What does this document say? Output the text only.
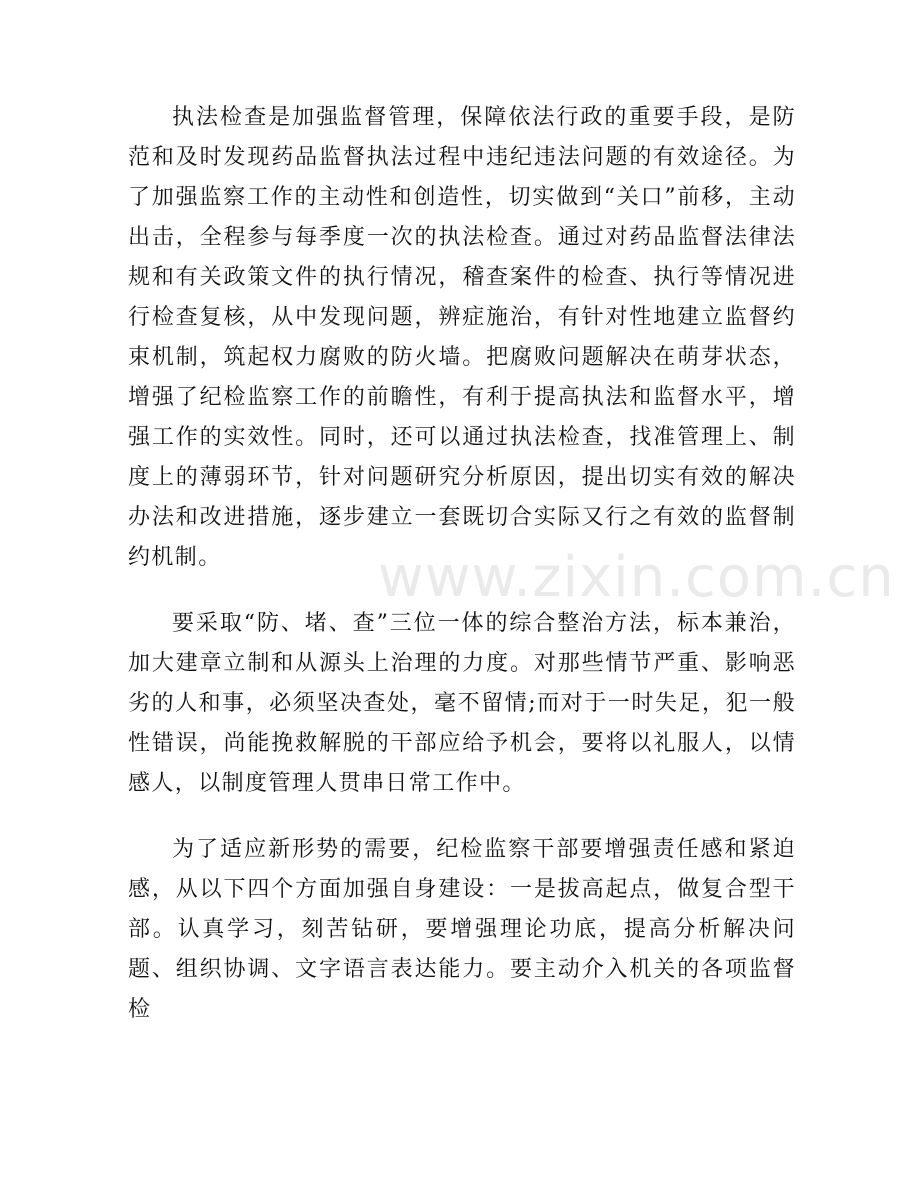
执法检查是加强监督管理，保障依法行政的重要手段，是防范和及时发现药品监督执法过程中违纪违法问题的有效途径。为了加强监察工作的主动性和创造性，切实做到“关口”前移，主动出击，全程参与每季度一次的执法检查。通过对药品监督法律法规和有关政策文件的执行情况，稽查案件的检查、执行等情况进行检查复核，从中发现问题，辨症施治，有针对性地建立监督约束机制，筑起权力腐败的防火墙。把腐败问题解决在萌芽状态，增强了纪检监察工作的前瞻性，有利于提高执法和监督水平，增强工作的实效性。同时，还可以通过执法检查，找准管理上、制度上的薄弱环节，针对问题研究分析原因，提出切实有效的解决办法和改进措施，逐步建立一套既切合实际又行之有效的监督制约机制。

要采取“防、堵、查”三位一体的综合整治方法，标本兼治，加大建章立制和从源头上治理的力度。对那些情节严重、影响恶劣的人和事，必须坚决查处，毫不留情;而对于一时失足，犯一般性错误，尚能挽救解脱的干部应给予机会，要将以礼服人，以情感人，以制度管理人贯串日常工作中。

为了适应新形势的需要，纪检监察干部要增强责任感和紧迫感，从以下四个方面加强自身建设：一是拔高起点，做复合型干部。认真学习，刻苦钻研，要增强理论功底，提高分析解决问题、组织协调、文字语言表达能力。要主动介入机关的各项监督检

www.zixin.com.cn
